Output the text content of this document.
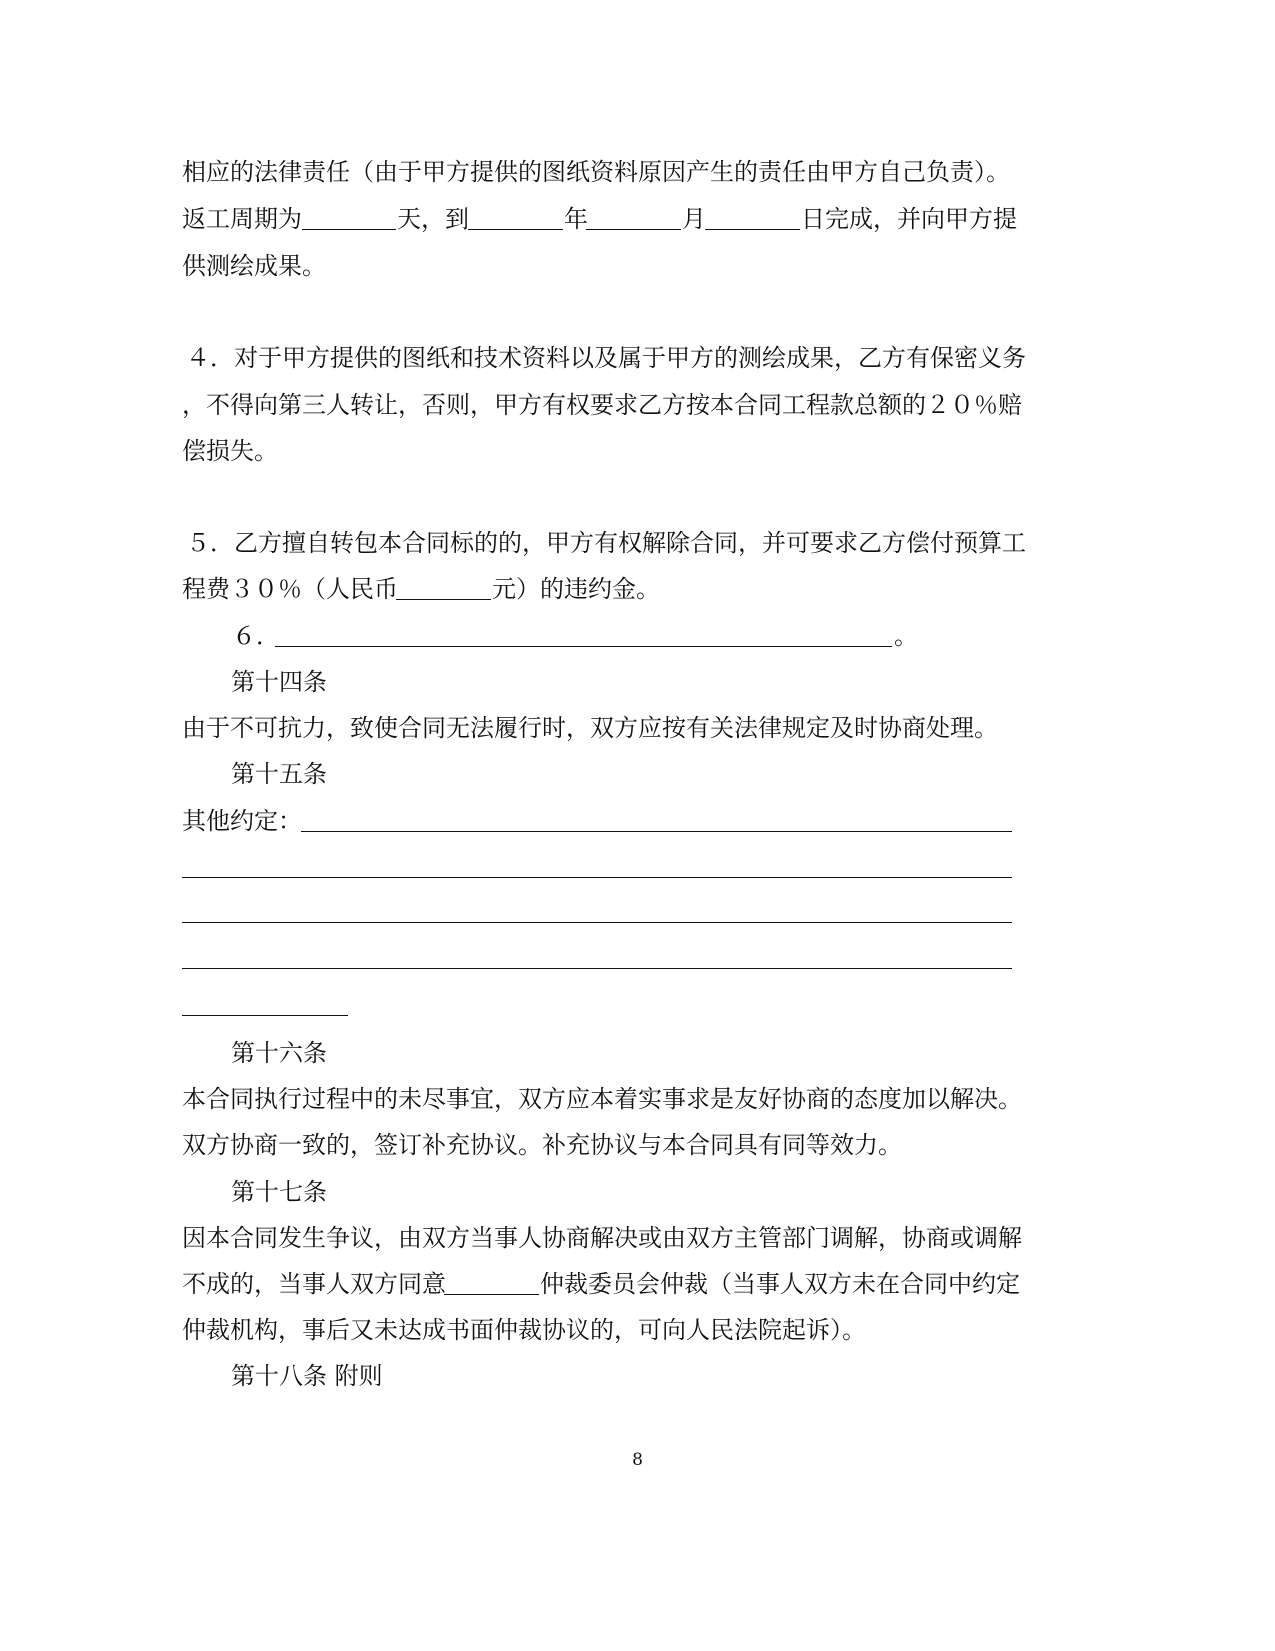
相应的法律责任（由于甲方提供的图纸资料原因产生的责任由甲方自己负责）。
返工周期为	天，到	年	月	日完成，并向甲方提
供测绘成果。
４．对于甲方提供的图纸和技术资料以及属于甲方的测绘成果，乙方有保密义务
，不得向第三人转让，否则，甲方有权要求乙方按本合同工程款总额的２０％赔
偿损失。
５．乙方擅自转包本合同标的的，甲方有权解除合同，并可要求乙方偿付预算工
程费３０％（人民币	元）的违约金。
６．	。
第十四条
由于不可抗力，致使合同无法履行时，双方应按有关法律规定及时协商处理。
第十五条
其他约定：
第十六条
本合同执行过程中的未尽事宜，双方应本着实事求是友好协商的态度加以解决。
双方协商一致的，签订补充协议。补充协议与本合同具有同等效力。
第十七条
因本合同发生争议，由双方当事人协商解决或由双方主管部门调解，协商或调解
不成的，当事人双方同意	仲裁委员会仲裁（当事人双方未在合同中约定
仲裁机构，事后又未达成书面仲裁协议的，可向人民法院起诉）。
第十八条 附则
8
